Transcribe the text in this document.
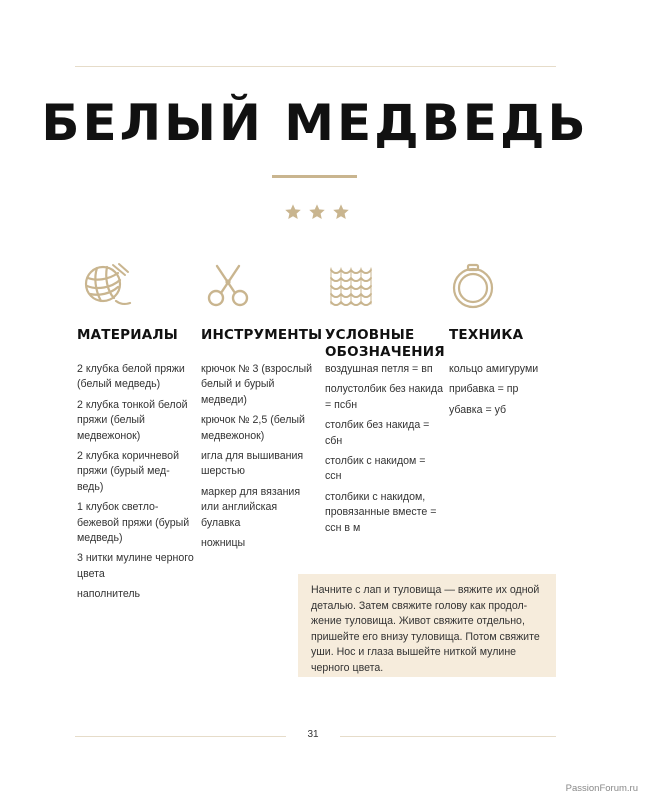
БЕЛЫЙ МЕДВЕДЬ
МАТЕРИАЛЫ
2 клубка белой пряжи (белый медведь)
2 клубка тонкой белой пряжи (белый медвежонок)
2 клубка коричневой пряжи (бурый мед-ведь)
1 клубок светло-бежевой пряжи (бурый медведь)
3 нитки мулине черного цвета
наполнитель
ИНСТРУМЕНТЫ
крючок № 3 (взрослый белый и бурый медведи)
крючок № 2,5 (белый медвежонок)
игла для вышивания шерстью
маркер для вязания или английская булавка
ножницы
УСЛОВНЫЕ ОБОЗНАЧЕНИЯ
воздушная петля = вп
полустолбик без накида = псбн
столбик без накида = сбн
столбик с накидом = ссн
столбики с накидом, провязанные вместе = ссн в м
ТЕХНИКА
кольцо амигуруми
прибавка = пр
убавка = уб
Начните с лап и туловища — вяжите их одной деталью. Затем свяжите голову как продол-жение туловища. Живот свяжите отдельно, пришейте его внизу туловища. Потом свяжите уши. Нос и глаза вышейте ниткой мулине черного цвета.
31
PassionForum.ru
